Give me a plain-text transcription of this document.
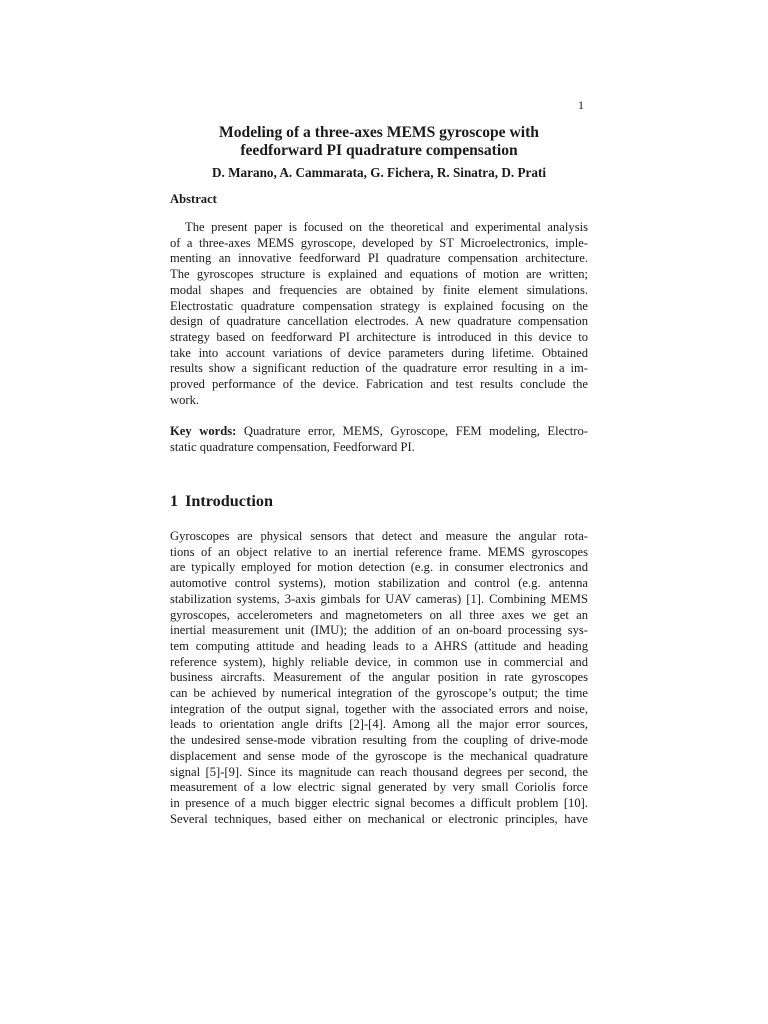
1
Modeling of a three-axes MEMS gyroscope with
feedforward PI quadrature compensation
D. Marano, A. Cammarata, G. Fichera, R. Sinatra, D. Prati
Abstract
The present paper is focused on the theoretical and experimental analysis
of a three-axes MEMS gyroscope, developed by ST Microelectronics, imple-
menting an innovative feedforward PI quadrature compensation architecture.
The gyroscopes structure is explained and equations of motion are written;
modal shapes and frequencies are obtained by finite element simulations.
Electrostatic quadrature compensation strategy is explained focusing on the
design of quadrature cancellation electrodes. A new quadrature compensation
strategy based on feedforward PI architecture is introduced in this device to
take into account variations of device parameters during lifetime. Obtained
results show a significant reduction of the quadrature error resulting in a im-
proved performance of the device. Fabrication and test results conclude the
work.
Key words: Quadrature error, MEMS, Gyroscope, FEM modeling, Electro-
static quadrature compensation, Feedforward PI.
1 Introduction
Gyroscopes are physical sensors that detect and measure the angular rota-
tions of an object relative to an inertial reference frame. MEMS gyroscopes
are typically employed for motion detection (e.g. in consumer electronics and
automotive control systems), motion stabilization and control (e.g. antenna
stabilization systems, 3-axis gimbals for UAV cameras) [1]. Combining MEMS
gyroscopes, accelerometers and magnetometers on all three axes we get an
inertial measurement unit (IMU); the addition of an on-board processing sys-
tem computing attitude and heading leads to a AHRS (attitude and heading
reference system), highly reliable device, in common use in commercial and
business aircrafts. Measurement of the angular position in rate gyroscopes
can be achieved by numerical integration of the gyroscope’s output; the time
integration of the output signal, together with the associated errors and noise,
leads to orientation angle drifts [2]-[4]. Among all the major error sources,
the undesired sense-mode vibration resulting from the coupling of drive-mode
displacement and sense mode of the gyroscope is the mechanical quadrature
signal [5]-[9]. Since its magnitude can reach thousand degrees per second, the
measurement of a low electric signal generated by very small Coriolis force
in presence of a much bigger electric signal becomes a difficult problem [10].
Several techniques, based either on mechanical or electronic principles, have
